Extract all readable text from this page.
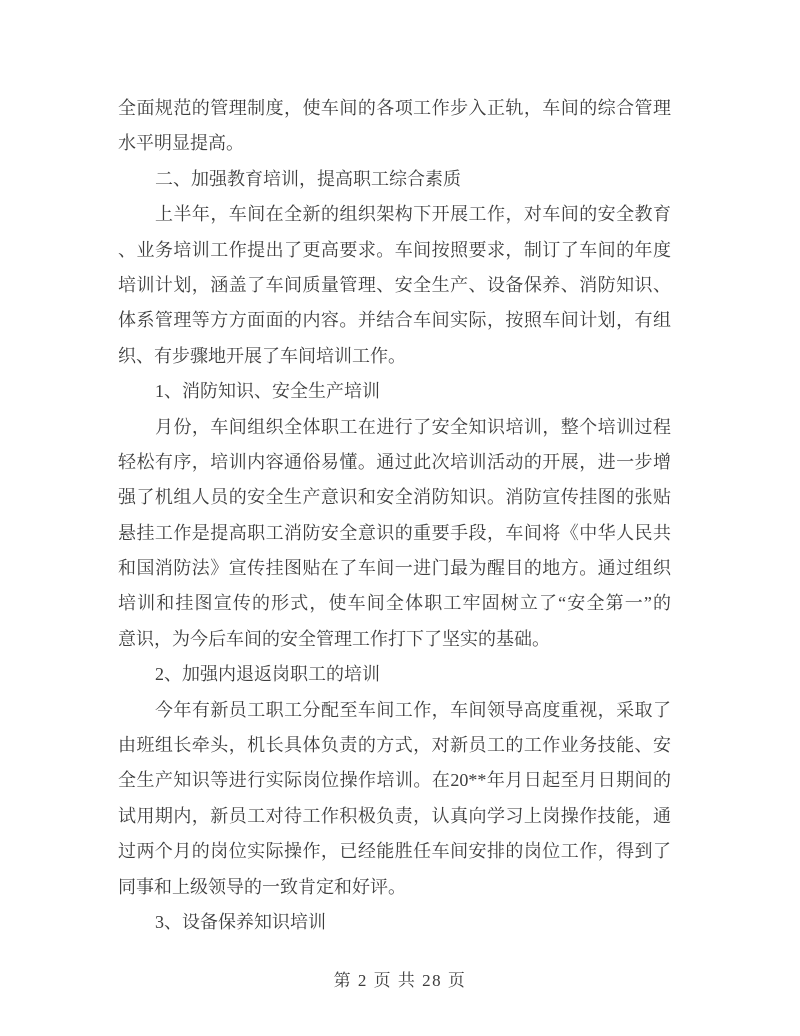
全面规范的管理制度，使车间的各项工作步入正轨，车间的综合管理
水平明显提高。
二、加强教育培训，提高职工综合素质
上半年，车间在全新的组织架构下开展工作，对车间的安全教育
、业务培训工作提出了更高要求。车间按照要求，制订了车间的年度
培训计划，涵盖了车间质量管理、安全生产、设备保养、消防知识、
体系管理等方方面面的内容。并结合车间实际，按照车间计划，有组
织、有步骤地开展了车间培训工作。
1、消防知识、安全生产培训
月份，车间组织全体职工在进行了安全知识培训，整个培训过程
轻松有序，培训内容通俗易懂。通过此次培训活动的开展，进一步增
强了机组人员的安全生产意识和安全消防知识。消防宣传挂图的张贴
悬挂工作是提高职工消防安全意识的重要手段，车间将《中华人民共
和国消防法》宣传挂图贴在了车间一进门最为醒目的地方。通过组织
培训和挂图宣传的形式，使车间全体职工牢固树立了“安全第一”的
意识，为今后车间的安全管理工作打下了坚实的基础。
2、加强内退返岗职工的培训
今年有新员工职工分配至车间工作，车间领导高度重视，采取了
由班组长牵头，机长具体负责的方式，对新员工的工作业务技能、安
全生产知识等进行实际岗位操作培训。在20**年月日起至月日期间的
试用期内，新员工对待工作积极负责，认真向学习上岗操作技能，通
过两个月的岗位实际操作，已经能胜任车间安排的岗位工作，得到了
同事和上级领导的一致肯定和好评。
3、设备保养知识培训
第 2 页 共 28 页
